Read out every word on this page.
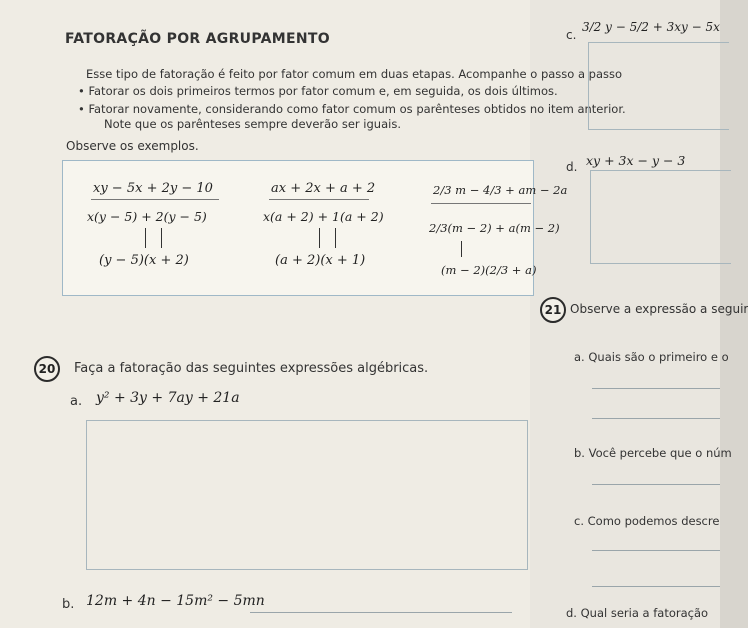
FATORAÇÃO POR AGRUPAMENTO
Esse tipo de fatoração é feito por fator comum em duas etapas. Acompanhe o passo a passo
• Fatorar os dois primeiros termos por fator comum e, em seguida, os dois últimos.
• Fatorar novamente, considerando como fator comum os parênteses obtidos no item anterior.
Note que os parênteses sempre deverão ser iguais.
Observe os exemplos.
xy − 5x + 2y − 10
x(y − 5) + 2(y − 5)
(y − 5)(x + 2)
ax + 2x + a + 2
x(a + 2) + 1(a + 2)
(a + 2)(x + 1)
2/3 m − 4/3 + am − 2a
2/3(m − 2) + a(m − 2)
(m − 2)(2/3 + a)
20	Faça a fatoração das seguintes expressões algébricas.
a. y² + 3y + 7ay + 21a
b. 12m + 4n − 15m² − 5mn
c.
3/2 y − 5/2 + 3xy − 5x
d. xy + 3x − y − 3
21 Observe a expressão a seguir
a. Quais são o primeiro e o
b. Você percebe que o núm
c. Como podemos descre
d. Qual seria a fatoração
